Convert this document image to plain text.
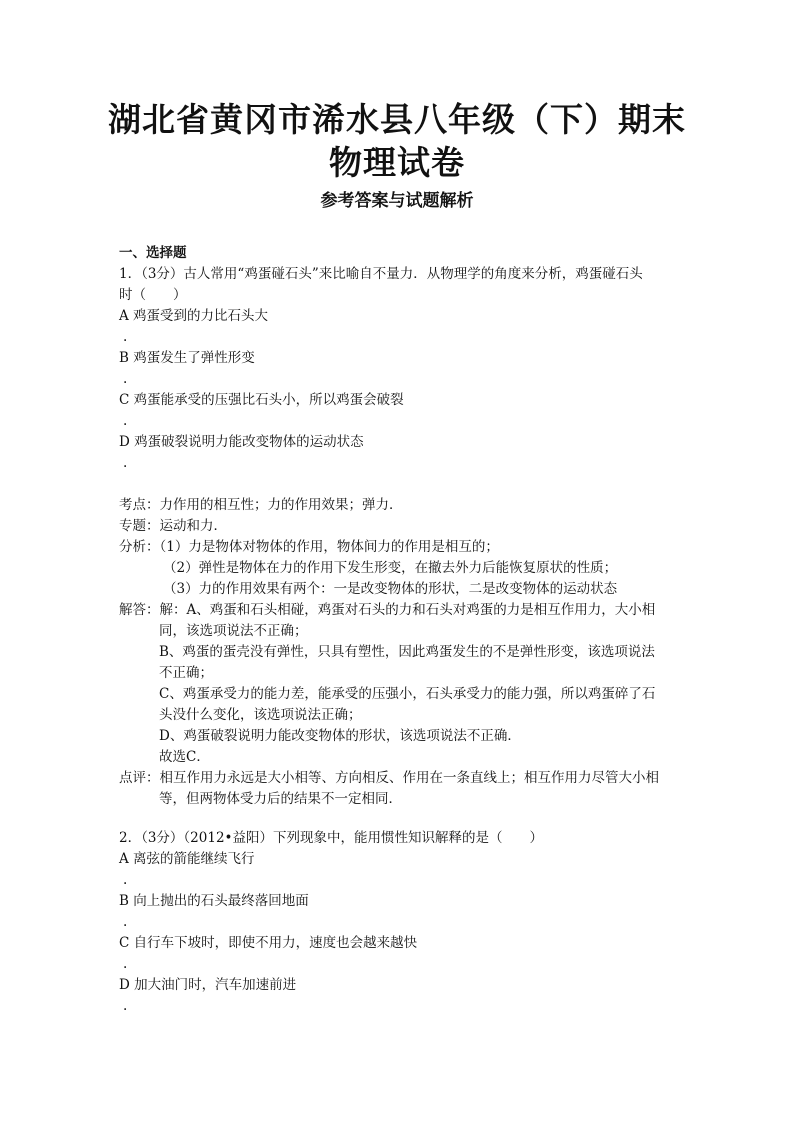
湖北省黄冈市浠水县八年级（下）期末
物理试卷
参考答案与试题解析
一、选择题
1．（3分）古人常用“鸡蛋碰石头”来比喻自不量力．从物理学的角度来分析，鸡蛋碰石头
时（　　）
A 鸡蛋受到的力比石头大
.
B 鸡蛋发生了弹性形变
.
C 鸡蛋能承受的压强比石头小，所以鸡蛋会破裂
.
D 鸡蛋破裂说明力能改变物体的运动状态
.
考点：力作用的相互性；力的作用效果；弹力．
专题：运动和力．
分析：（1）力是物体对物体的作用，物体间力的作用是相互的；
（2）弹性是物体在力的作用下发生形变，在撤去外力后能恢复原状的性质；
（3）力的作用效果有两个：一是改变物体的形状，二是改变物体的运动状态
解答：解：A、鸡蛋和石头相碰，鸡蛋对石头的力和石头对鸡蛋的力是相互作用力，大小相
同，该选项说法不正确；
B、鸡蛋的蛋壳没有弹性，只具有塑性，因此鸡蛋发生的不是弹性形变，该选项说法
不正确；
C、鸡蛋承受力的能力差，能承受的压强小，石头承受力的能力强，所以鸡蛋碎了石
头没什么变化，该选项说法正确；
D、鸡蛋破裂说明力能改变物体的形状，该选项说法不正确．
故选C．
点评：相互作用力永远是大小相等、方向相反、作用在一条直线上；相互作用力尽管大小相
等，但两物体受力后的结果不一定相同．
2．（3分）（2012•益阳）下列现象中，能用惯性知识解释的是（　　）
A 离弦的箭能继续飞行
.
B 向上抛出的石头最终落回地面
.
C 自行车下坡时，即使不用力，速度也会越来越快
.
D 加大油门时，汽车加速前进
.
